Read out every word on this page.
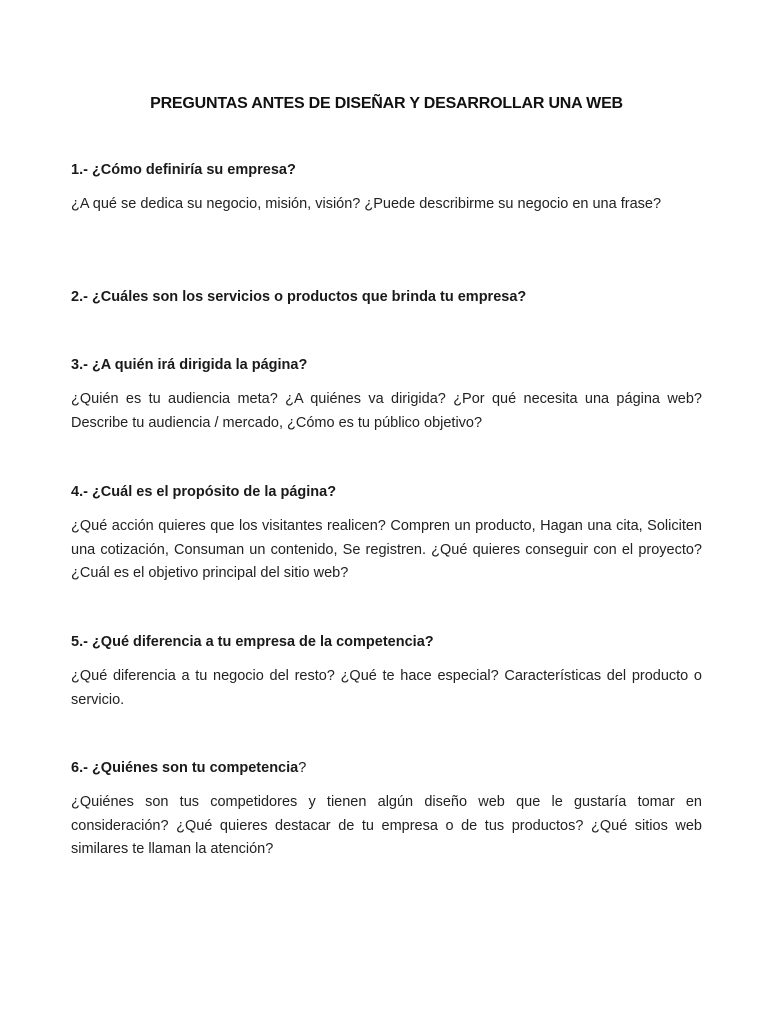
PREGUNTAS ANTES DE DISEÑAR Y DESARROLLAR UNA WEB
1.- ¿Cómo definiría su empresa?
¿A qué se dedica su negocio, misión, visión? ¿Puede describirme su negocio en una frase?
2.- ¿Cuáles son los servicios o productos que brinda tu empresa?
3.- ¿A quién irá dirigida la página?
¿Quién es tu audiencia meta? ¿A quiénes va dirigida? ¿Por qué necesita una página web? Describe tu audiencia / mercado, ¿Cómo es tu público objetivo?
4.- ¿Cuál es el propósito de la página?
¿Qué acción quieres que los visitantes realicen? Compren un producto, Hagan una cita, Soliciten una cotización, Consuman un contenido, Se registren. ¿Qué quieres conseguir con el proyecto? ¿Cuál es el objetivo principal del sitio web?
5.- ¿Qué diferencia a tu empresa de la competencia?
¿Qué diferencia a tu negocio del resto? ¿Qué te hace especial? Características del producto o servicio.
6.- ¿Quiénes son tu competencia?
¿Quiénes son tus competidores y tienen algún diseño web que le gustaría tomar en consideración? ¿Qué quieres destacar de tu empresa o de tus productos? ¿Qué sitios web similares te llaman la atención?
